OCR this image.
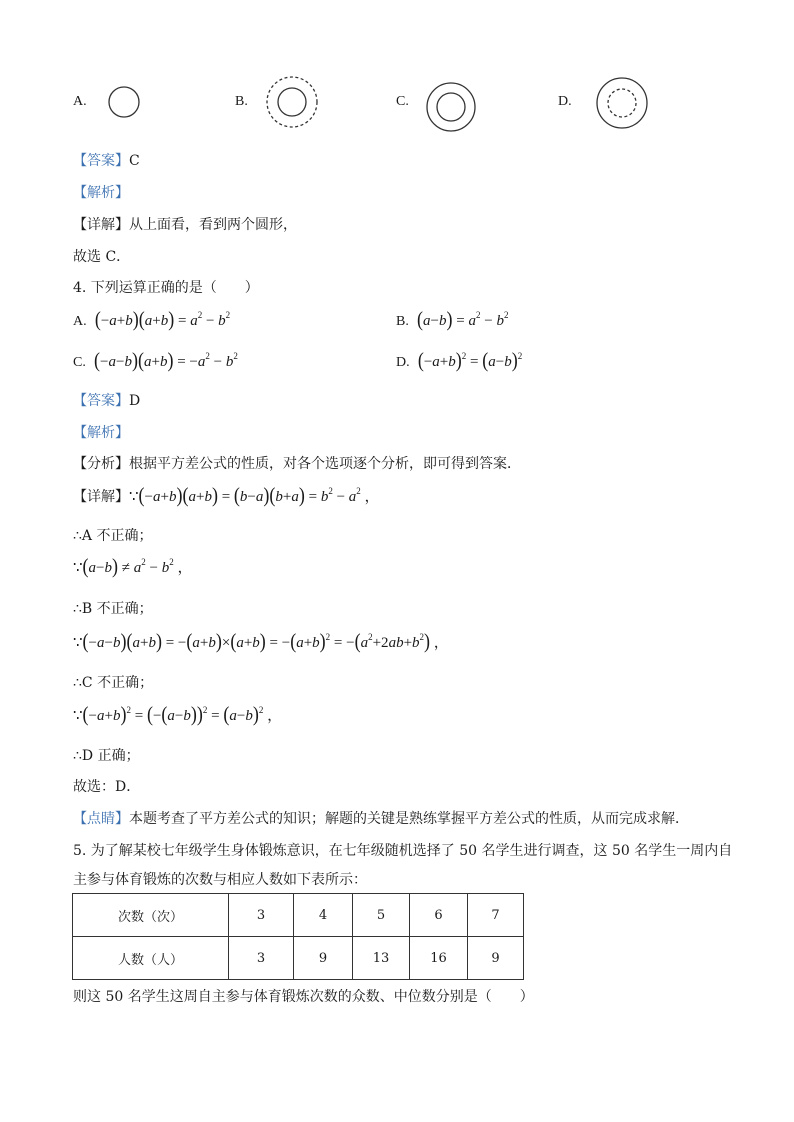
A.	B.	C.	D.
【答案】C
【解析】
【详解】从上面看，看到两个圆形，
故选 C．
4. 下列运算正确的是（　　）
A. $(-a+b)(a+b) = a^2 - b^2$	B. $(a-b) = a^2 - b^2$
C. $(-a-b)(a+b) = -a^2 - b^2$	D. $(-a+b)^2 = (a-b)^2$
【答案】D
【解析】
【分析】根据平方差公式的性质，对各个选项逐个分析，即可得到答案．
【详解】∵(−a+b)(a+b) = $(b-a)(b+a) = b^2 - a^2$ ，
∴A 不正确；
∵(a−b) ≠ $a^2 - b^2$ ，
∴B 不正确；
∵(−a−b)(a+b) = $-(a+b)\times(a+b) = -(a+b)^2 = -(a^2+2ab+b^2)$ ，
∴C 不正确；
$\because(-a+b)^2 = (-(a-b))^2 = (a-b)^2$ ，
∴D 正确；
故选：D．
【点睛】本题考查了平方差公式的知识；解题的关键是熟练掌握平方差公式的性质，从而完成求解．
5. 为了解某校七年级学生身体锻炼意识，在七年级随机选择了 50 名学生进行调查，这 50 名学生一周内自
主参与体育锻炼的次数与相应人数如下表所示：
次数（次）	3	4	5	6	7
人数（人）	3	9	13	16	9
则这 50 名学生这周自主参与体育锻炼次数的众数、中位数分别是（　　）
